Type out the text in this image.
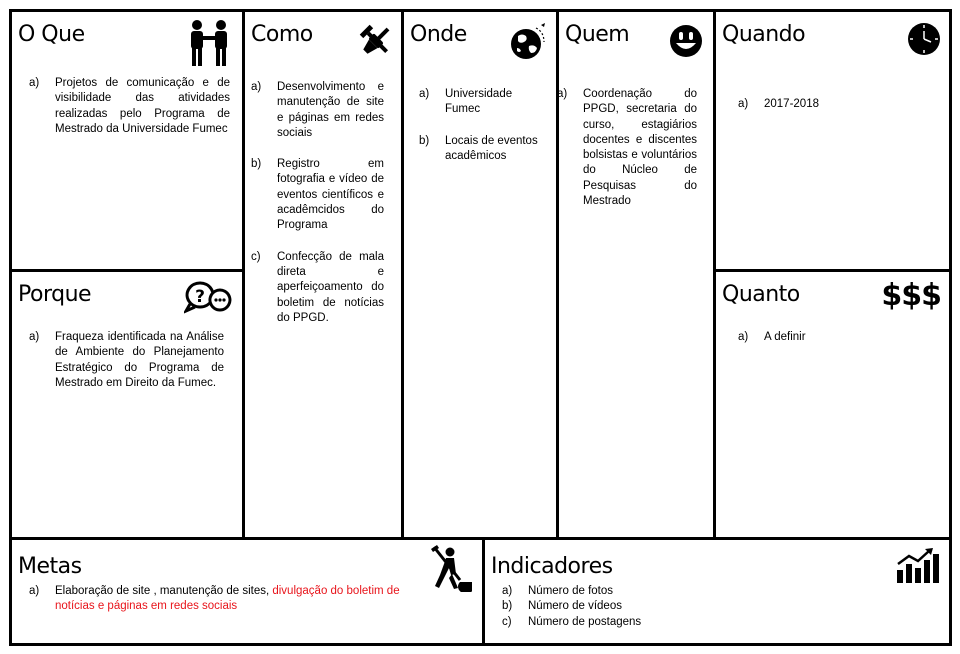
O Que
a) Projetos de comunicação e de visibilidade das atividades realizadas pelo Programa de Mestrado da Universidade Fumec
Como
a) Desenvolvimento e manutenção de site e páginas em redes sociais
b) Registro em fotografia e vídeo de eventos científicos e acadêmcidos do Programa
c) Confecção de mala direta e aperfeiçoamento do boletim de notícias do PPGD.
Onde
a) Universidade Fumec
b) Locais de eventos acadêmicos
Quem
a) Coordenação do PPGD, secretaria do curso, estagiários docentes e discentes bolsistas e voluntários do Núcleo de Pesquisas do Mestrado
Quando
a) 2017-2018
Porque	?
a) Fraqueza identificada na Análise de Ambiente do Planejamento Estratégico do Programa de Mestrado em Direito da Fumec.
Quanto	$$$
a) A definir
Metas
a) Elaboração de site , manutenção de sites, divulgação do boletim de notícias e páginas em redes sociais
Indicadores
a) Número de fotos
b) Número de vídeos
c) Número de postagens
